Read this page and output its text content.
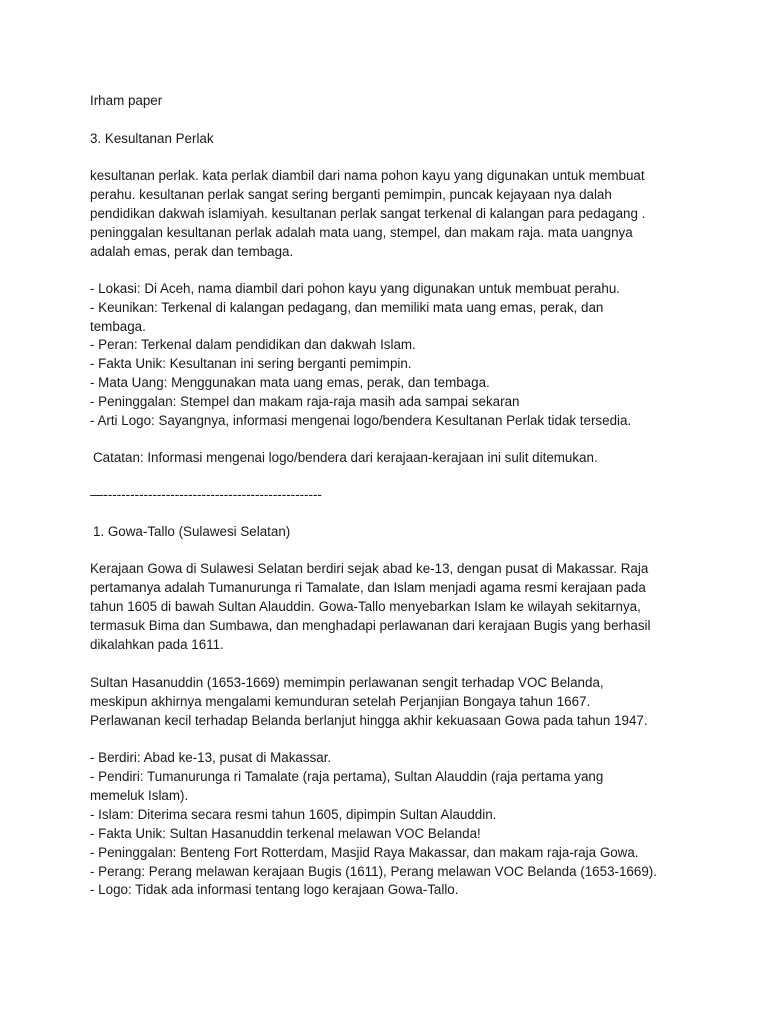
Irham paper
3. Kesultanan Perlak
kesultanan perlak. kata perlak diambil dari nama pohon kayu yang digunakan untuk membuat
perahu. kesultanan perlak sangat sering berganti pemimpin, puncak kejayaan nya dalah
pendidikan dakwah islamiyah. kesultanan perlak sangat terkenal di kalangan para pedagang .
peninggalan kesultanan perlak adalah mata uang, stempel, dan makam raja. mata uangnya
adalah emas, perak dan tembaga.
- Lokasi: Di Aceh, nama diambil dari pohon kayu yang digunakan untuk membuat perahu.
- Keunikan: Terkenal di kalangan pedagang, dan memiliki mata uang emas, perak, dan
tembaga.
- Peran: Terkenal dalam pendidikan dan dakwah Islam.
- Fakta Unik: Kesultanan ini sering berganti pemimpin.
- Mata Uang: Menggunakan mata uang emas, perak, dan tembaga.
- Peninggalan: Stempel dan makam raja-raja masih ada sampai sekaran
- Arti Logo: Sayangnya, informasi mengenai logo/bendera Kesultanan Perlak tidak tersedia.
Catatan: Informasi mengenai logo/bendera dari kerajaan-kerajaan ini sulit ditemukan.
—-------------------------------------------------
1. Gowa-Tallo (Sulawesi Selatan)
Kerajaan Gowa di Sulawesi Selatan berdiri sejak abad ke-13, dengan pusat di Makassar. Raja
pertamanya adalah Tumanurunga ri Tamalate, dan Islam menjadi agama resmi kerajaan pada
tahun 1605 di bawah Sultan Alauddin. Gowa-Tallo menyebarkan Islam ke wilayah sekitarnya,
termasuk Bima dan Sumbawa, dan menghadapi perlawanan dari kerajaan Bugis yang berhasil
dikalahkan pada 1611.
Sultan Hasanuddin (1653-1669) memimpin perlawanan sengit terhadap VOC Belanda,
meskipun akhirnya mengalami kemunduran setelah Perjanjian Bongaya tahun 1667.
Perlawanan kecil terhadap Belanda berlanjut hingga akhir kekuasaan Gowa pada tahun 1947.
- Berdiri: Abad ke-13, pusat di Makassar.
- Pendiri: Tumanurunga ri Tamalate (raja pertama), Sultan Alauddin (raja pertama yang
memeluk Islam).
- Islam: Diterima secara resmi tahun 1605, dipimpin Sultan Alauddin.
- Fakta Unik: Sultan Hasanuddin terkenal melawan VOC Belanda!
- Peninggalan: Benteng Fort Rotterdam, Masjid Raya Makassar, dan makam raja-raja Gowa.
- Perang: Perang melawan kerajaan Bugis (1611), Perang melawan VOC Belanda (1653-1669).
- Logo: Tidak ada informasi tentang logo kerajaan Gowa-Tallo.
